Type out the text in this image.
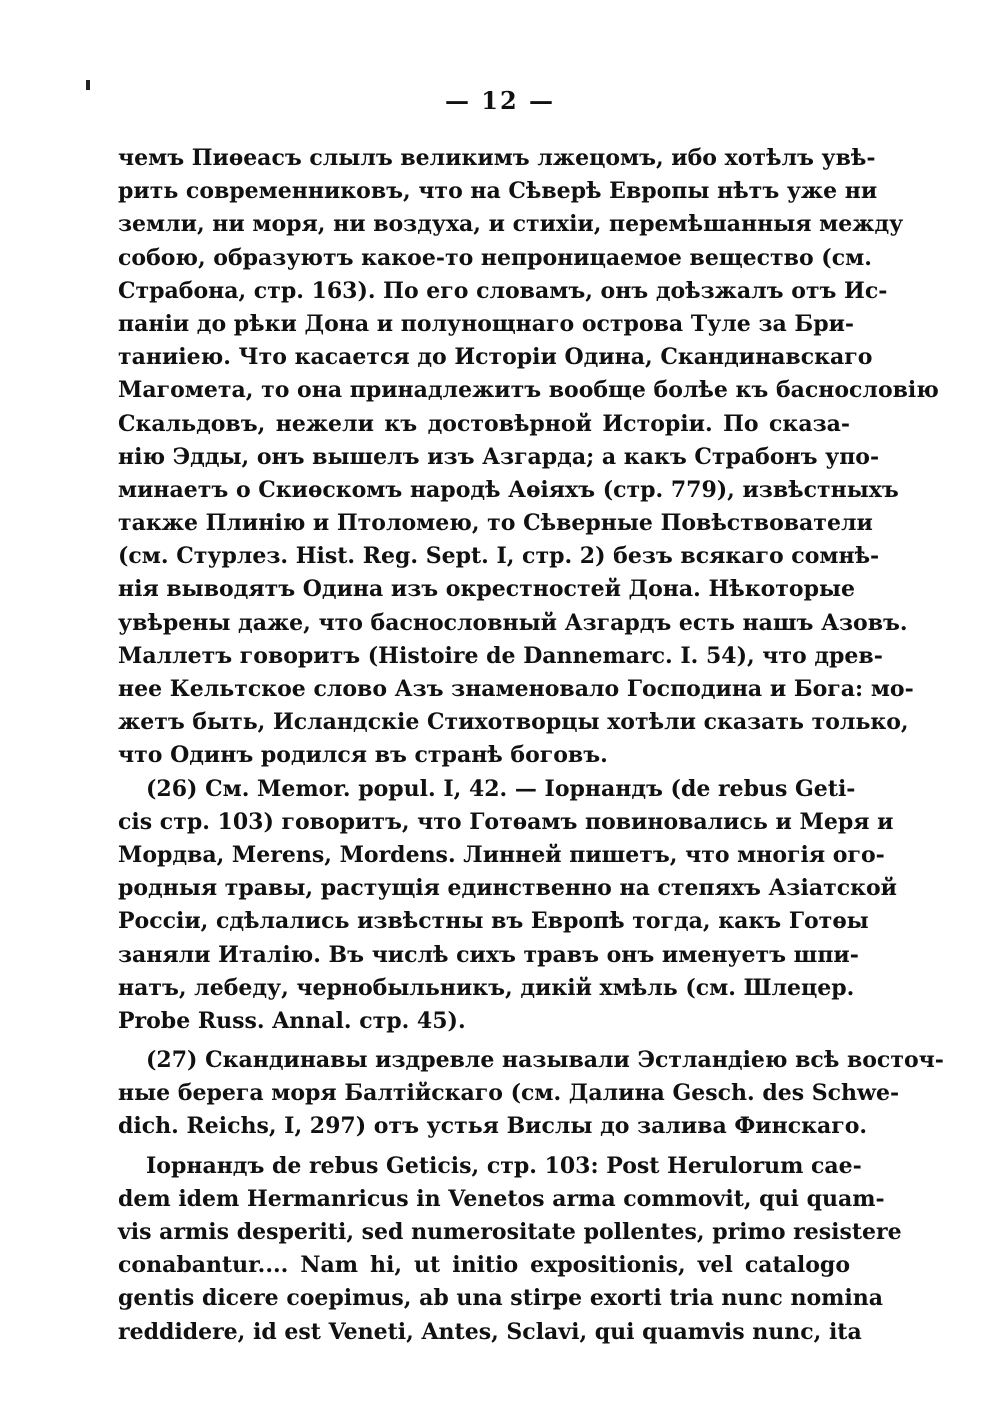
— 12 —
чемъ Пиѳеасъ слылъ великимъ лжецомъ, ибо хотѣлъ увѣ-
рить современниковъ, что на Сѣверѣ Европы нѣтъ уже ни
земли, ни моря, ни воздуха, и стихіи, перемѣшанныя между
собою, образуютъ какое-то непроницаемое вещество (см.
Страбона, стр. 163). По его словамъ, онъ доѣзжалъ отъ Ис-
паніи до рѣки Дона и полунощнаго острова Туле за Бри-
таниіею. Что касается до Исторіи Одина, Скандинавскаго
Магомета, то она принадлежитъ вообще болѣе къ баснословію
Скальдовъ, нежели къ достовѣрной Исторіи. По сказа-
нію Эдды, онъ вышелъ изъ Азгарда; а какъ Страбонъ упо-
минаетъ о Скиѳскомъ народѣ Аѳіяхъ (стр. 779), извѣстныхъ
также Плинію и Птоломею, то Сѣверные Повѣствователи
(см. Стурлез. Hist. Reg. Sept. I, стр. 2) безъ всякаго сомнѣ-
нія выводятъ Одина изъ окрестностей Дона. Нѣкоторые
увѣрены даже, что баснословный Азгардъ есть нашъ Азовъ.
Маллетъ говоритъ (Histoire de Dannemarc. I. 54), что древ-
нее Кельтское слово Азъ знаменовало Господина и Бога: мо-
жетъ быть, Исландскіе Стихотворцы хотѣли сказать только,
что Одинъ родился въ странѣ боговъ.
(26) См. Memor. popul. I, 42. — Іорнандъ (de rebus Geti-
cis стр. 103) говоритъ, что Готѳамъ повиновались и Меря и
Мордва, Merens, Mordens. Линней пишетъ, что многія ого-
родныя травы, растущія единственно на степяхъ Азіатской
Россіи, сдѣлались извѣстны въ Европѣ тогда, какъ Готѳы
заняли Италію. Въ числѣ сихъ травъ онъ именуетъ шпи-
натъ, лебеду, чернобыльникъ, дикій хмѣль (см. Шлецер.
Probe Russ. Annal. стр. 45).
(27) Скандинавы издревле называли Эстландіею всѣ восточ-
ные берега моря Балтійскаго (см. Далина Gesch. des Schwe-
dich. Reichs, I, 297) отъ устья Вислы до залива Финскаго.
Іорнандъ de rebus Geticis, стр. 103: Post Herulorum cae-
dem idem Hermanricus in Venetos arma commovit, qui quam-
vis armis desperiti, sed numerositate pollentes, primo resistere
conabantur.... Nam hi, ut initio expositionis, vel catalogo
gentis dicere coepimus, ab una stirpe exorti tria nunc nomina
reddidere, id est Veneti, Antes, Sclavi, qui quamvis nunc, ita
